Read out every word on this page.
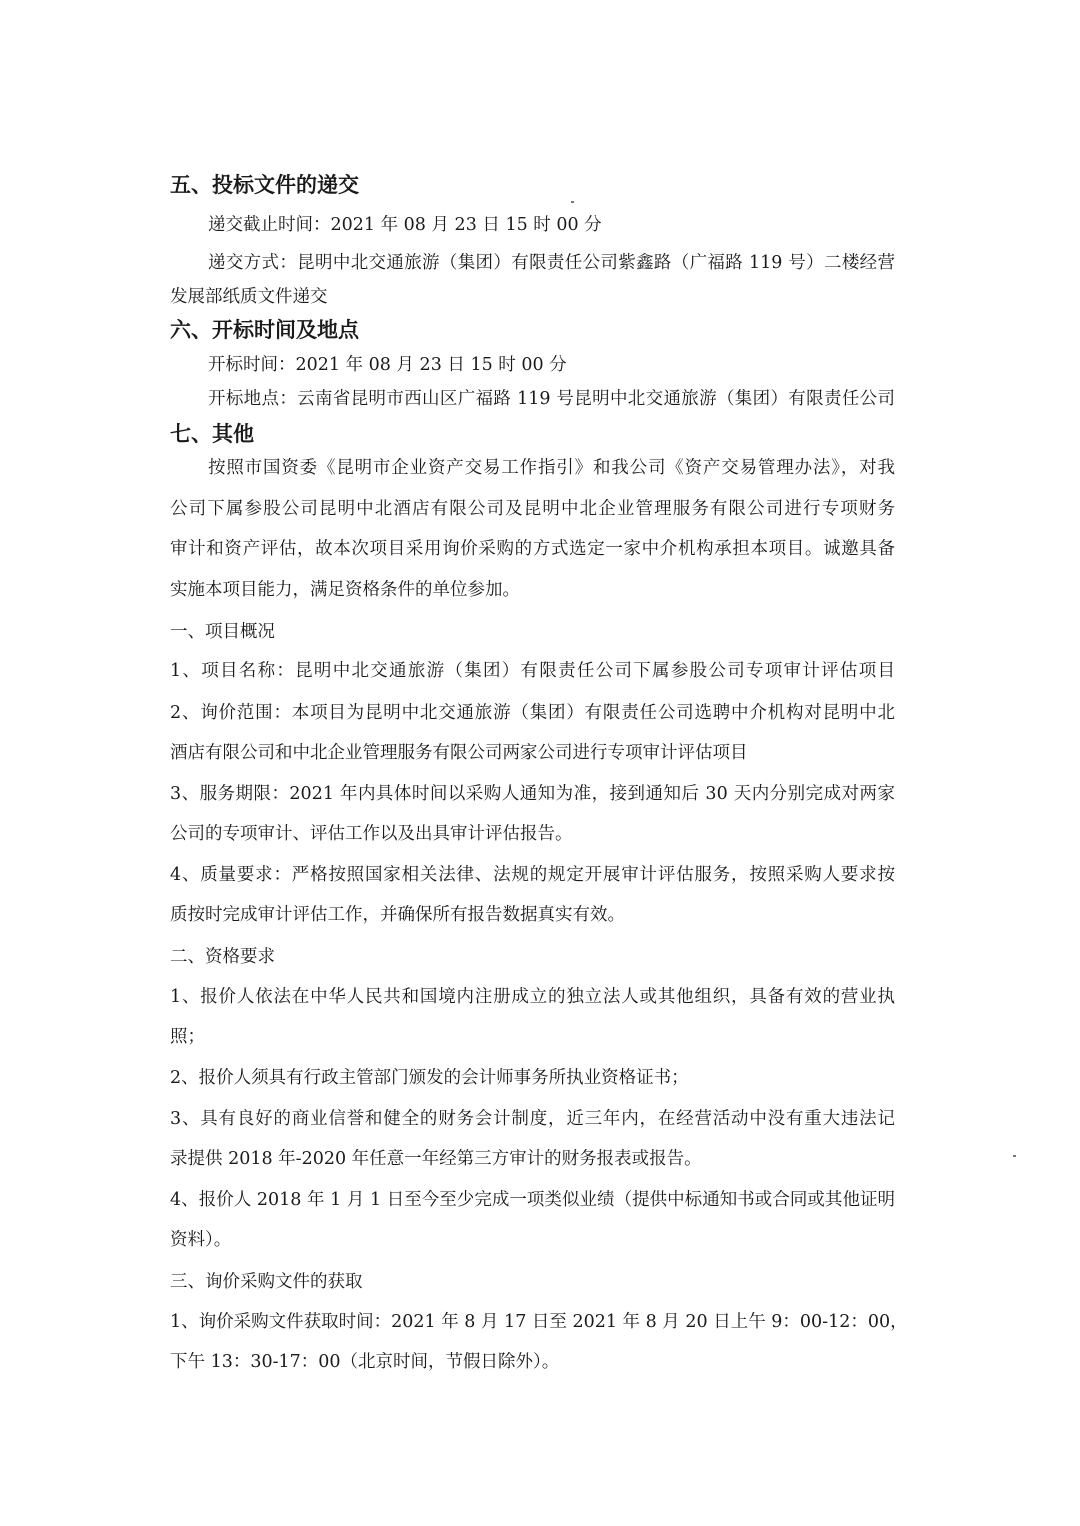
五、投标文件的递交
递交截止时间：2021 年 08 月 23 日 15 时 00 分
递交方式：昆明中北交通旅游（集团）有限责任公司紫鑫路（广福路 119 号）二楼经营
发展部纸质文件递交
六、开标时间及地点
开标时间：2021 年 08 月 23 日 15 时 00 分
开标地点：云南省昆明市西山区广福路 119 号昆明中北交通旅游（集团）有限责任公司
七、其他
按照市国资委《昆明市企业资产交易工作指引》和我公司《资产交易管理办法》，对我
公司下属参股公司昆明中北酒店有限公司及昆明中北企业管理服务有限公司进行专项财务
审计和资产评估，故本次项目采用询价采购的方式选定一家中介机构承担本项目。诚邀具备
实施本项目能力，满足资格条件的单位参加。
一、项目概况
1、项目名称：昆明中北交通旅游（集团）有限责任公司下属参股公司专项审计评估项目
2、询价范围：本项目为昆明中北交通旅游（集团）有限责任公司选聘中介机构对昆明中北
酒店有限公司和中北企业管理服务有限公司两家公司进行专项审计评估项目
3、服务期限：2021 年内具体时间以采购人通知为准，接到通知后 30 天内分别完成对两家
公司的专项审计、评估工作以及出具审计评估报告。
4、质量要求：严格按照国家相关法律、法规的规定开展审计评估服务，按照采购人要求按
质按时完成审计评估工作，并确保所有报告数据真实有效。
二、资格要求
1、报价人依法在中华人民共和国境内注册成立的独立法人或其他组织，具备有效的营业执
照；
2、报价人须具有行政主管部门颁发的会计师事务所执业资格证书；
3、具有良好的商业信誉和健全的财务会计制度，近三年内，在经营活动中没有重大违法记
录提供 2018 年-2020 年任意一年经第三方审计的财务报表或报告。
4、报价人 2018 年 1 月 1 日至今至少完成一项类似业绩（提供中标通知书或合同或其他证明
资料）。
三、询价采购文件的获取
1、询价采购文件获取时间：2021 年 8 月 17 日至 2021 年 8 月 20 日上午 9：00-12：00，
下午 13：30-17：00（北京时间，节假日除外）。
